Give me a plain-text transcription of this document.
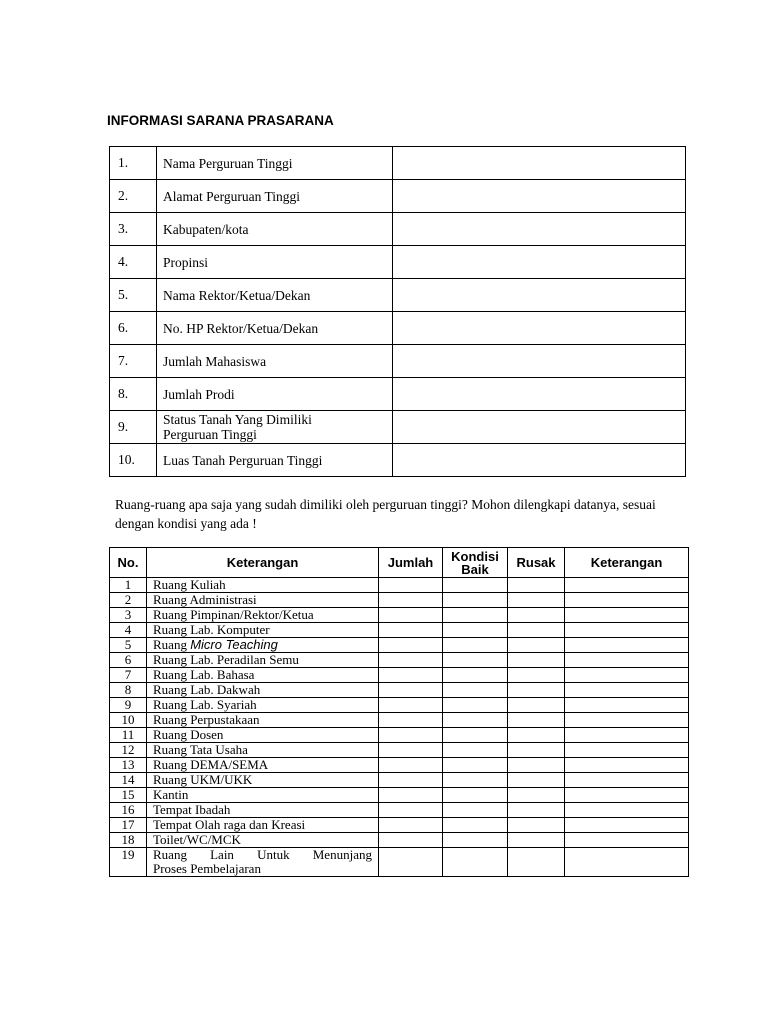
INFORMASI SARANA PRASARANA
1.	Nama Perguruan Tinggi	
2.	Alamat Perguruan Tinggi	
3.	Kabupaten/kota	
4.	Propinsi	
5.	Nama Rektor/Ketua/Dekan	
6.	No. HP Rektor/Ketua/Dekan	
7.	Jumlah Mahasiswa	
8.	Jumlah Prodi	
9.	Status Tanah Yang Dimiliki
Perguruan Tinggi	

10.	Luas Tanah Perguruan Tinggi	
Ruang-ruang apa saja yang sudah dimiliki oleh perguruan tinggi? Mohon dilengkapi datanya, sesuai
dengan kondisi yang ada !
No.	Keterangan	Jumlah	Kondisi
Baik	Rusak	Keterangan
1	Ruang Kuliah				
2	Ruang Administrasi				
3	Ruang Pimpinan/Rektor/Ketua				
4	Ruang Lab. Komputer				
5	Ruang Micro Teaching				
6	Ruang Lab. Peradilan Semu				
7	Ruang Lab. Bahasa				
8	Ruang Lab. Dakwah				
9	Ruang Lab. Syariah				
10	Ruang Perpustakaan				
11	Ruang Dosen				
12	Ruang Tata Usaha				
13	Ruang DEMA/SEMA				
14	Ruang UKM/UKK				
15	Kantin				
16	Tempat Ibadah				
17	Tempat Olah raga dan Kreasi				
18	Toilet/WC/MCK				
19	Ruang Lain Untuk Menunjang
Proses Pembelajaran				
